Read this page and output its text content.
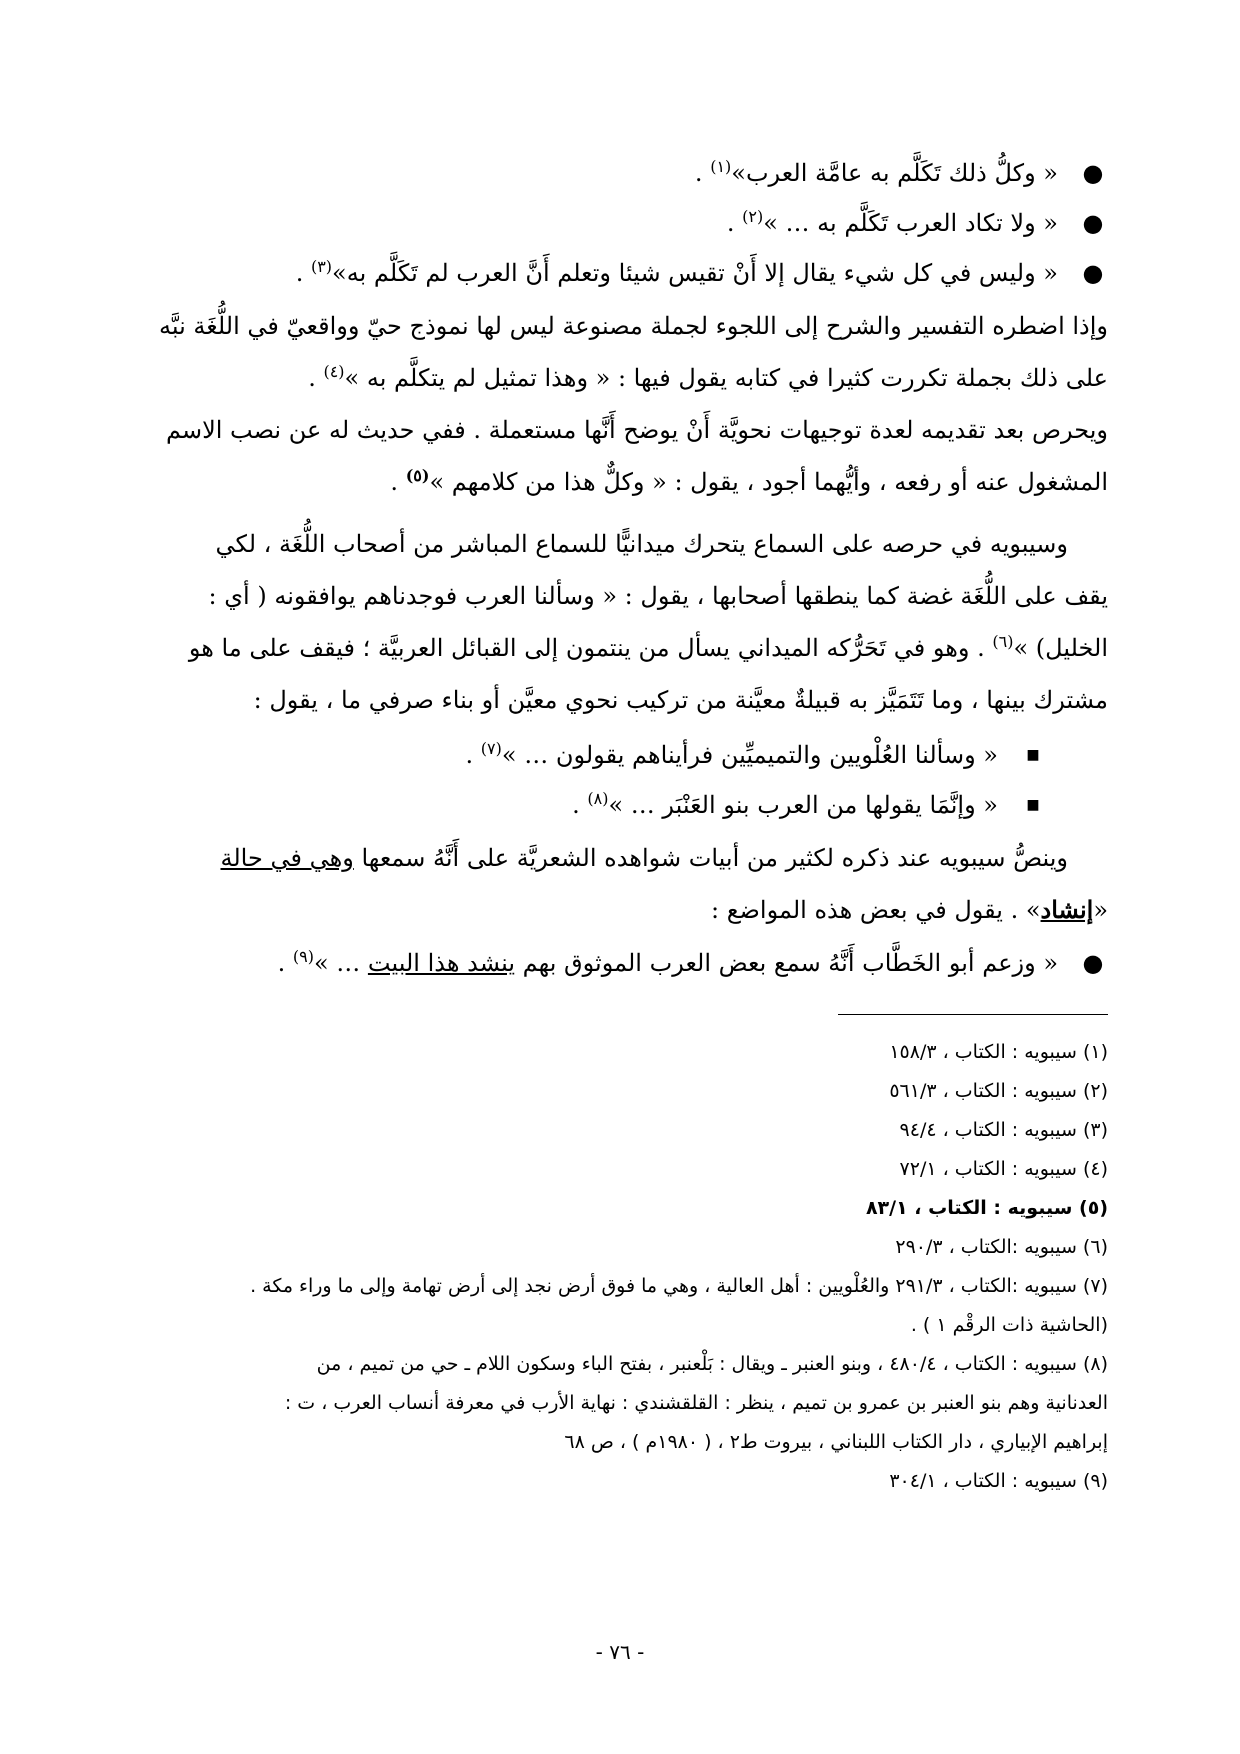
●
« وكلُّ ذلك تَكَلَّم به عامَّة العرب»$^{(١)}$ .
●
« ولا تكاد العرب تَكَلَّم به … »$^{(٢)}$ .
●
« وليس في كل شيء يقال إلا أَنْ تقيس شيئا وتعلم أَنَّ العرب لم تَكَلَّم به»$^{(٣)}$ .

وإذا اضطره التفسير والشرح إلى اللجوء لجملة مصنوعة ليس لها نموذج حيّ وواقعيّ في اللُّغَة نبَّه
على ذلك بجملة تكررت كثيرا في كتابه يقول فيها : « وهذا تمثيل لم يتكلَّم به »$^{(٤)}$ .

ويحرص بعد تقديمه لعدة توجيهات نحويَّة أَنْ يوضح أَنَّها مستعملة . ففي حديث له عن نصب الاسم
المشغول عنه أو رفعه ، وأيُّهما أجود ، يقول : « وكلٌّ هذا من كلامهم »$^{(٥)}$ .

وسيبويه في حرصه على السماع يتحرك ميدانيًّا للسماع المباشر من أصحاب اللُّغَة ، لكي
يقف على اللُّغَة غضة كما ينطقها أصحابها ، يقول : « وسألنا العرب فوجدناهم يوافقونه ( أي :
الخليل) »$^{(٦)}$ . وهو في تَحَرُّكه الميداني يسأل من ينتمون إلى القبائل العربيَّة ؛ فيقف على ما هو
مشترك بينها ، وما تَتَمَيَّز به قبيلةٌ معيَّنة من تركيب نحوي معيَّن أو بناء صرفي ما ، يقول :

■
« وسألنا العُلْويين والتميميِّين فرأيناهم يقولون … »$^{(٧)}$ .
■
« وإنَّمَا يقولها من العرب بنو العَنْبَر … »$^{(٨)}$ .

وينصُّ سيبويه عند ذكره لكثير من أبيات شواهده الشعريَّة على أَنَّهُ سمعها وهي في حالة
«إنشاد» . يقول في بعض هذه المواضع :

●
« وزعم أبو الخَطَّاب أَنَّهُ سمع بعض العرب الموثوق بهم ينشد هذا البيت … »$^{(٩)}$ .

(١) سيبويه : الكتاب ، ١٥٨/٣

(٢) سيبويه : الكتاب ، ٥٦١/٣

(٣) سيبويه : الكتاب ، ٩٤/٤

(٤) سيبويه : الكتاب ، ٧٢/١

(٥) سيبويه : الكتاب ، ٨٣/١

(٦) سيبويه :الكتاب ، ٢٩٠/٣

(٧) سيبويه :الكتاب ، ٢٩١/٣ والعُلْويين : أهل العالية ، وهي ما فوق أرض نجد إلى أرض تهامة وإلى ما وراء مكة .

(الحاشية ذات الرقْم ١ ) .

(٨) سيبويه : الكتاب ، ٤٨٠/٤ ، وبنو العنبر ـ ويقال : بَلْعنبر ، بفتح الباء وسكون اللام ـ حي من تميم ، من

العدنانية وهم بنو العنبر بن عمرو بن تميم ، ينظر : القلقشندي : نهاية الأرب في معرفة أنساب العرب ، ت :

إبراهيم الإبياري ، دار الكتاب اللبناني ، بيروت ط٢ ، ( ١٩٨٠م ) ، ص ٦٨

(٩) سيبويه : الكتاب ، ٣٠٤/١

- ٧٦ -
